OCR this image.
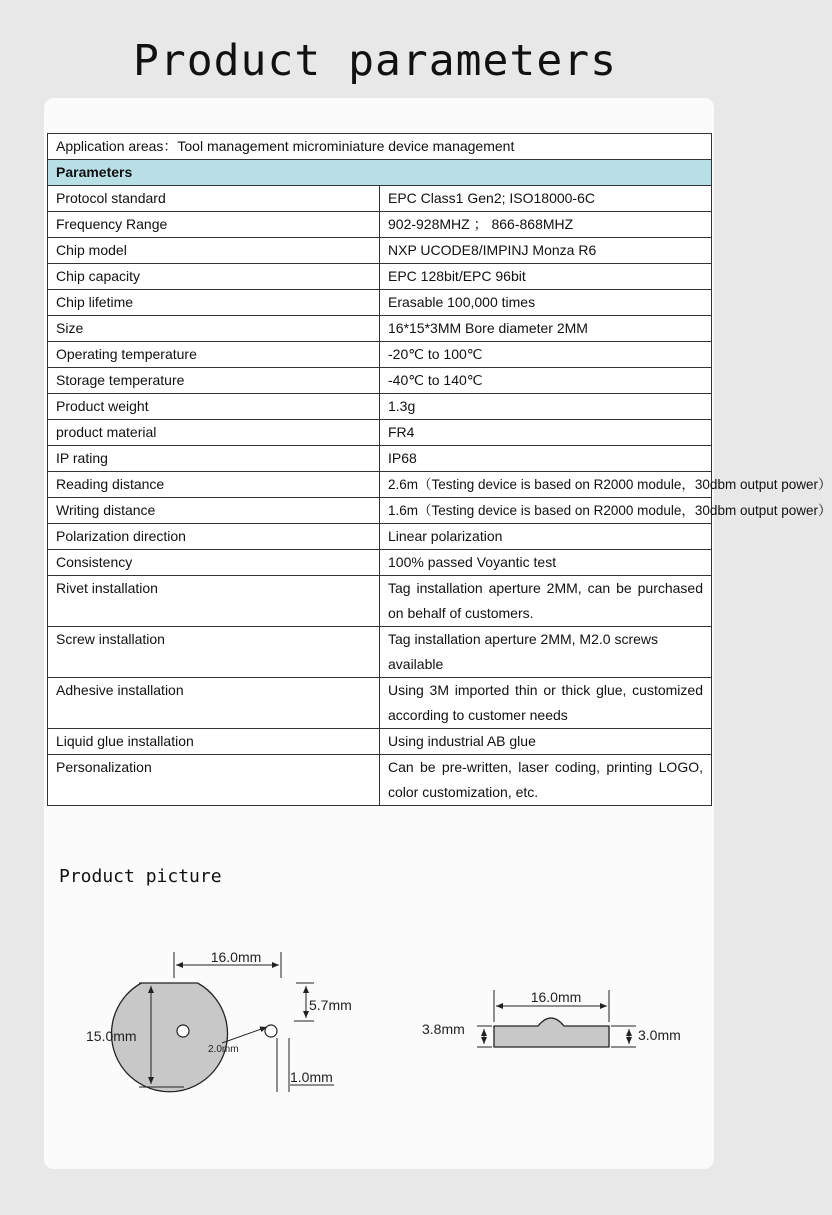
Product parameters
Application areas：Tool management microminiature device management	
Parameters	
Protocol standard	EPC Class1 Gen2; ISO18000-6C
Frequency Range	902-928MHZ ； 866-868MHZ
Chip model	NXP UCODE8/IMPINJ Monza R6
Chip capacity	EPC 128bit/EPC 96bit
Chip lifetime	Erasable 100,000 times
Size	16*15*3MM Bore diameter 2MM
Operating temperature	-20℃ to 100℃
Storage temperature	-40℃ to 140℃
Product weight	1.3g
product material	FR4
IP rating	IP68
Reading distance	2.6m（Testing device is based on R2000 module，30dbm output power）
Writing distance	1.6m（Testing device is based on R2000 module，30dbm output power）
Polarization direction	Linear polarization
Consistency	100% passed Voyantic test
Rivet installation	Tag installation aperture 2MM, can be purchased on behalf of customers.
Screw installation	Tag installation aperture 2MM, M2.0 screws available
Adhesive installation	Using 3M imported thin or thick glue, customized according to customer needs
Liquid glue installation	Using industrial AB glue
Personalization	Can be pre-written, laser coding, printing LOGO, color customization, etc.
Product picture
16.0mm
15.0mm
5.7mm
2.0mm
1.0mm
16.0mm
3.8mm	3.0mm
